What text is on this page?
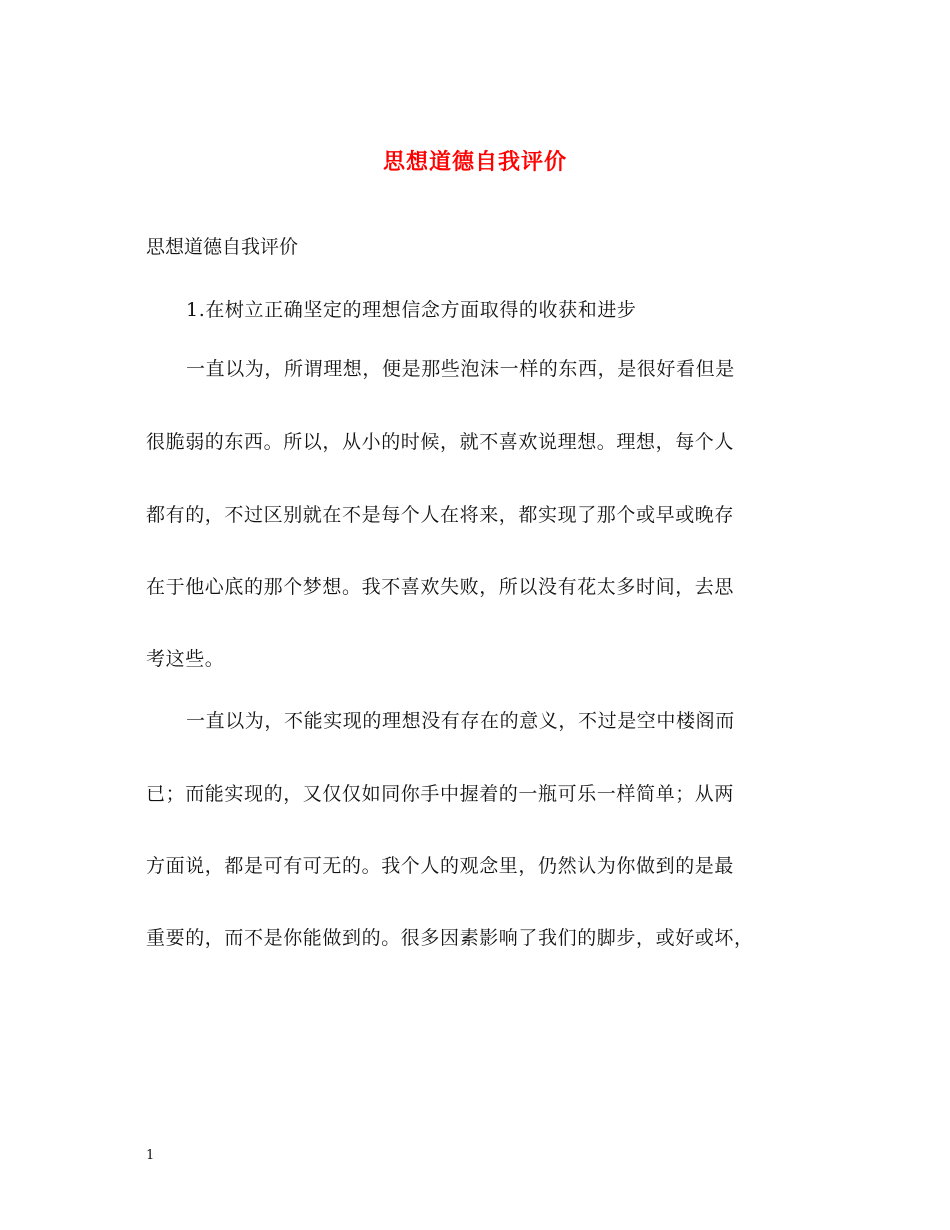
思想道德自我评价
思想道德自我评价
1.在树立正确坚定的理想信念方面取得的收获和进步
一直以为，所谓理想，便是那些泡沫一样的东西，是很好看但是
很脆弱的东西。所以，从小的时候，就不喜欢说理想。理想，每个人
都有的，不过区别就在不是每个人在将来，都实现了那个或早或晚存
在于他心底的那个梦想。我不喜欢失败，所以没有花太多时间，去思
考这些。
一直以为，不能实现的理想没有存在的意义，不过是空中楼阁而
已；而能实现的，又仅仅如同你手中握着的一瓶可乐一样简单；从两
方面说，都是可有可无的。我个人的观念里，仍然认为你做到的是最
重要的，而不是你能做到的。很多因素影响了我们的脚步，或好或坏，
1
